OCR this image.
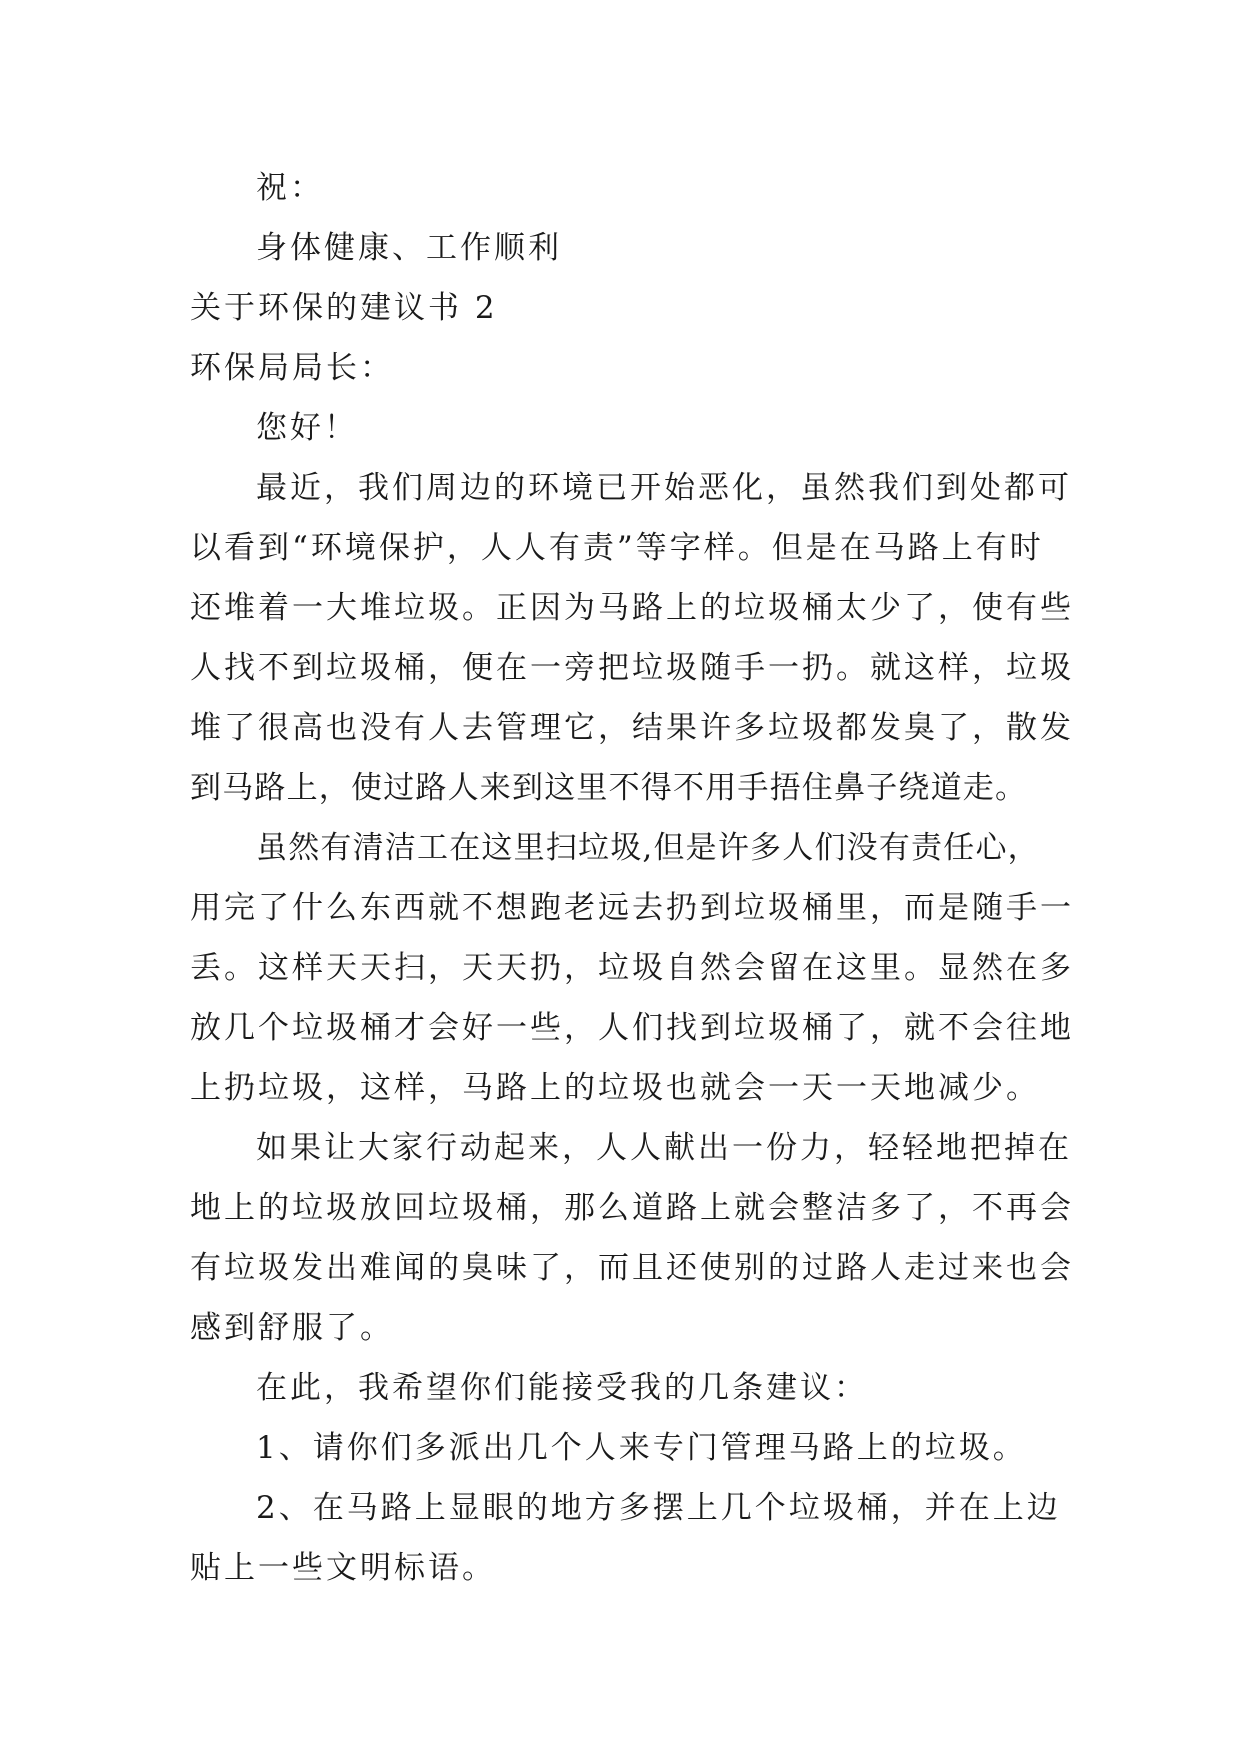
祝：
身体健康、工作顺利
关于环保的建议书 2
环保局局长：
您好！
最近，我们周边的环境已开始恶化，虽然我们到处都可
以看到“环境保护，人人有责”等字样。但是在马路上有时
还堆着一大堆垃圾。正因为马路上的垃圾桶太少了，使有些
人找不到垃圾桶，便在一旁把垃圾随手一扔。就这样，垃圾
堆了很高也没有人去管理它，结果许多垃圾都发臭了，散发
到马路上，使过路人来到这里不得不用手捂住鼻子绕道走。
虽然有清洁工在这里扫垃圾,但是许多人们没有责任心，
用完了什么东西就不想跑老远去扔到垃圾桶里，而是随手一
丢。这样天天扫，天天扔，垃圾自然会留在这里。显然在多
放几个垃圾桶才会好一些，人们找到垃圾桶了，就不会往地
上扔垃圾，这样，马路上的垃圾也就会一天一天地减少。
如果让大家行动起来，人人献出一份力，轻轻地把掉在
地上的垃圾放回垃圾桶，那么道路上就会整洁多了，不再会
有垃圾发出难闻的臭味了，而且还使别的过路人走过来也会
感到舒服了。
在此，我希望你们能接受我的几条建议：
1、请你们多派出几个人来专门管理马路上的垃圾。
2、在马路上显眼的地方多摆上几个垃圾桶，并在上边
贴上一些文明标语。
